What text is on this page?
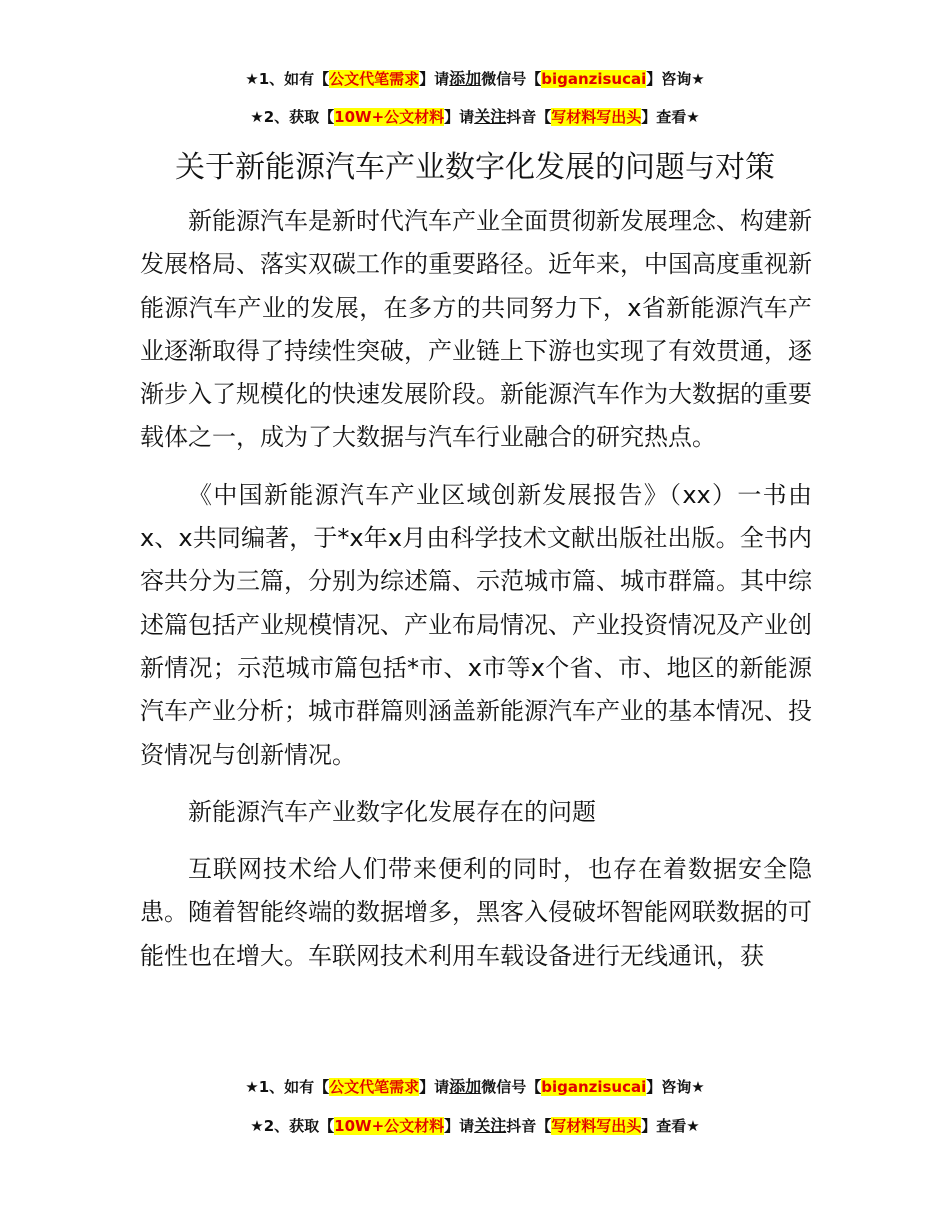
★1、如有【公文代笔需求】请添加微信号【biganzisucai】咨询★
★2、获取【10W+公文材料】请关注抖音【写材料写出头】查看★
关于新能源汽车产业数字化发展的问题与对策

新能源汽车是新时代汽车产业全面贯彻新发展理念、构建新发展格局、落实双碳工作的重要路径。近年来，中国高度重视新能源汽车产业的发展，在多方的共同努力下，x省新能源汽车产业逐渐取得了持续性突破，产业链上下游也实现了有效贯通，逐渐步入了规模化的快速发展阶段。新能源汽车作为大数据的重要载体之一，成为了大数据与汽车行业融合的研究热点。

《中国新能源汽车产业区域创新发展报告》（xx）一书由x、x共同编著，于*x年x月由科学技术文献出版社出版。全书内容共分为三篇，分别为综述篇、示范城市篇、城市群篇。其中综述篇包括产业规模情况、产业布局情况、产业投资情况及产业创新情况；示范城市篇包括*市、x市等x个省、市、地区的新能源汽车产业分析；城市群篇则涵盖新能源汽车产业的基本情况、投资情况与创新情况。

新能源汽车产业数字化发展存在的问题

互联网技术给人们带来便利的同时，也存在着数据安全隐患。随着智能终端的数据增多，黑客入侵破坏智能网联数据的可能性也在增大。车联网技术利用车载设备进行无线通讯，获

★1、如有【公文代笔需求】请添加微信号【biganzisucai】咨询★
★2、获取【10W+公文材料】请关注抖音【写材料写出头】查看★
